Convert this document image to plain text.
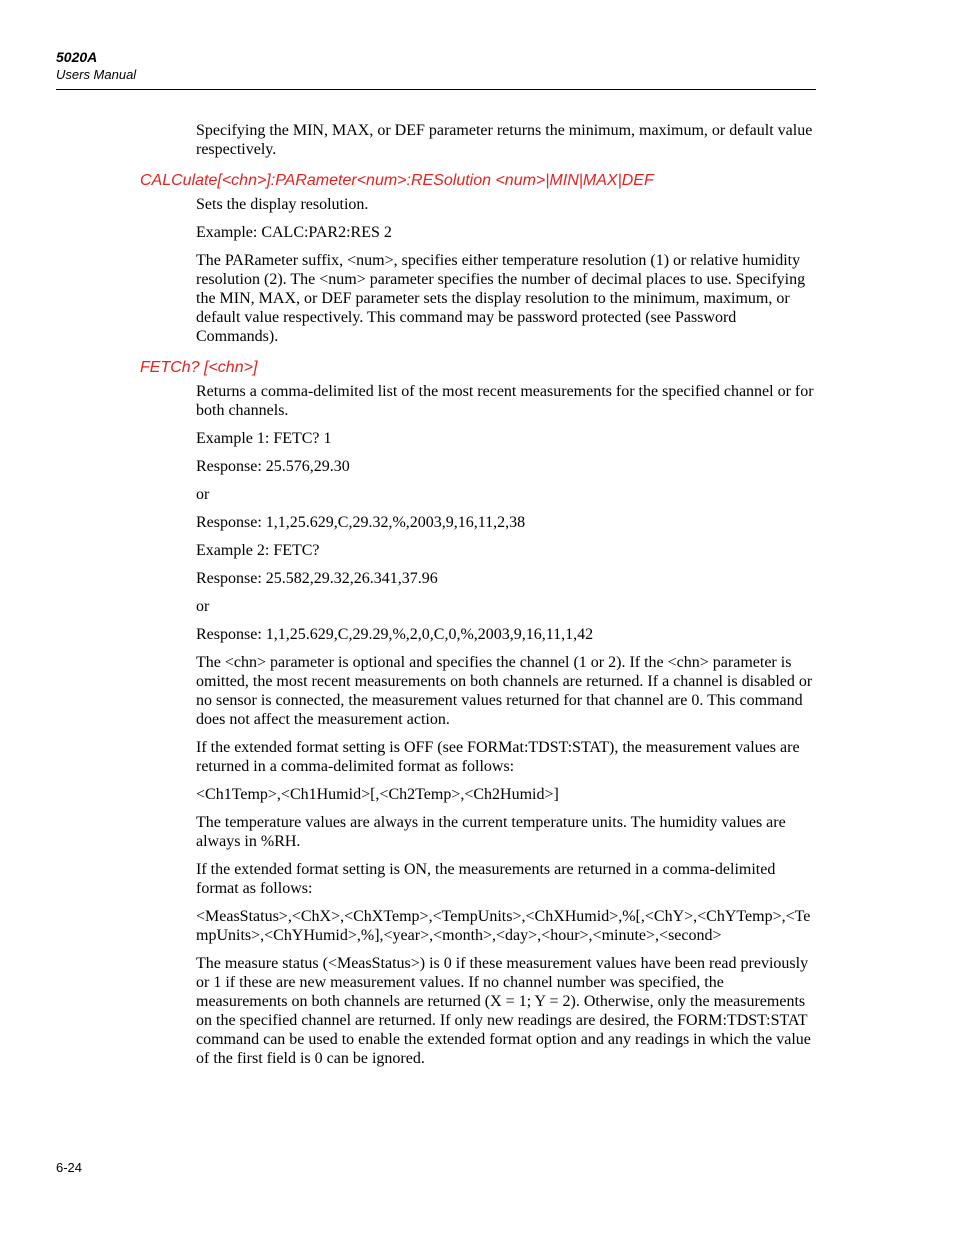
5020A
Users Manual

Specifying the MIN, MAX, or DEF parameter returns the minimum, maximum, or default value respectively.

CALCulate[<chn>]:PARameter<num>:RESolution <num>|MIN|MAX|DEF

Sets the display resolution.

Example: CALC:PAR2:RES 2

The PARameter suffix, <num>, specifies either temperature resolution (1) or relative humidity resolution (2). The <num> parameter specifies the number of decimal places to use. Specifying the MIN, MAX, or DEF parameter sets the display resolution to the minimum, maximum, or default value respectively. This command may be password protected (see Password Commands).

FETCh? [<chn>]

Returns a comma-delimited list of the most recent measurements for the specified channel or for both channels.

Example 1: FETC? 1

Response: 25.576,29.30

or

Response: 1,1,25.629,C,29.32,%,2003,9,16,11,2,38

Example 2: FETC?

Response: 25.582,29.32,26.341,37.96

or

Response: 1,1,25.629,C,29.29,%,2,0,C,0,%,2003,9,16,11,1,42

The <chn> parameter is optional and specifies the channel (1 or 2). If the <chn> parameter is omitted, the most recent measurements on both channels are returned. If a channel is disabled or no sensor is connected, the measurement values returned for that channel are 0. This command does not affect the measurement action.

If the extended format setting is OFF (see FORMat:TDST:STAT), the measurement values are returned in a comma-delimited format as follows:

<Ch1Temp>,<Ch1Humid>[,<Ch2Temp>,<Ch2Humid>]

The temperature values are always in the current temperature units. The humidity values are always in %RH.

If the extended format setting is ON, the measurements are returned in a comma-delimited format as follows:

<MeasStatus>,<ChX>,<ChXTemp>,<TempUnits>,<ChXHumid>,%[,<ChY>,<ChYTemp>,<TempUnits>,<ChYHumid>,%],<year>,<month>,<day>,<hour>,<minute>,<second>

The measure status (<MeasStatus>) is 0 if these measurement values have been read previously or 1 if these are new measurement values. If no channel number was specified, the measurements on both channels are returned (X = 1; Y = 2). Otherwise, only the measurements on the specified channel are returned. If only new readings are desired, the FORM:TDST:STAT command can be used to enable the extended format option and any readings in which the value of the first field is 0 can be ignored.

6-24
